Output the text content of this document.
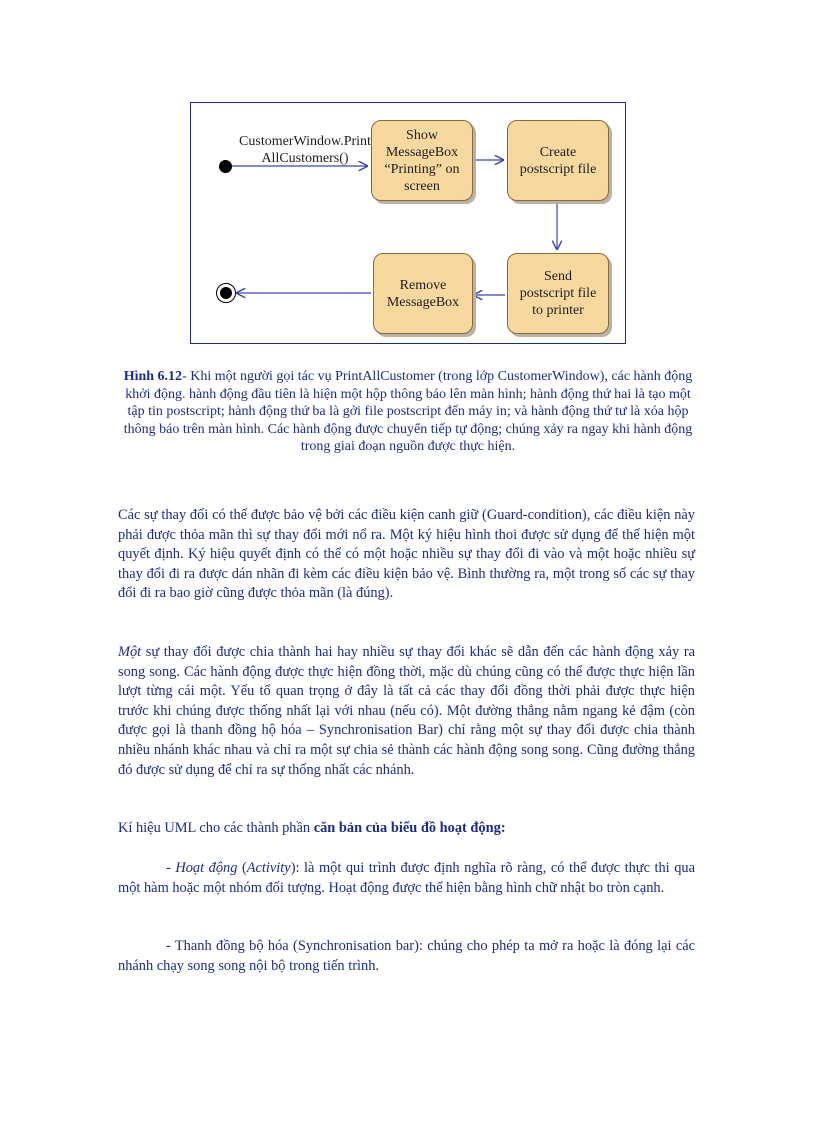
CustomerWindow.Print
AllCustomers()
Show
MessageBox
“Printing” on
screen
Create
postscript file
Send
postscript file
to printer
Remove
MessageBox
Hình 6.12- Khi một người gọi tác vụ PrintAllCustomer (trong lớp CustomerWindow), các hành động khởi động. hành động đầu tiên là hiện một hộp thông báo lên màn hình; hành động thứ hai là tạo một tập tin postscript; hành động thứ ba là gởi file postscript đến máy in; và hành động thứ tư là xóa hộp thông báo trên màn hình. Các hành động được chuyển tiếp tự động; chúng xảy ra ngay khi hành động trong giai đoạn nguồn được thực hiện.

Các sự thay đổi có thể được bảo vệ bởi các điều kiện canh giữ (Guard-condition), các điều kiện này phải được thỏa mãn thì sự thay đổi mới nổ ra. Một ký hiệu hình thoi được sử dụng để thể hiện một quyết định. Ký hiệu quyết định có thể có một hoặc nhiều sự thay đổi đi vào và một hoặc nhiều sự thay đổi đi ra được dán nhãn đi kèm các điều kiện bảo vệ. Bình thường ra, một trong số các sự thay đổi đi ra bao giờ cũng được thỏa mãn (là đúng).

Một sự thay đổi được chia thành hai hay nhiều sự thay đổi khác sẽ dẫn đến các hành động xảy ra song song. Các hành động được thực hiện đồng thời, mặc dù chúng cũng có thể được thực hiện lần lượt từng cái một. Yếu tố quan trọng ở đây là tất cả các thay đổi đồng thời phải được thực hiện trước khi chúng được thống nhất lại với nhau (nếu có). Một đường thẳng nằm ngang kẻ đậm (còn được gọi là thanh đồng hộ hóa – Synchronisation Bar) chỉ rằng một sự thay đổi được chia thành nhiều nhánh khác nhau và chỉ ra một sự chia sẻ thành các hành động song song. Cũng đường thẳng đó được sử dụng để chỉ ra sự thống nhất các nhánh.

Kí hiệu UML cho các thành phần căn bản của biểu đồ hoạt động:

- Hoạt động (Activity): là một qui trình được định nghĩa rõ ràng, có thể được thực thi qua một hàm hoặc một nhóm đối tượng. Hoạt động được thể hiện bằng hình chữ nhật bo tròn cạnh.

- Thanh đồng bộ hóa (Synchronisation bar): chúng cho phép ta mở ra hoặc là đóng lại các nhánh chạy song song nội bộ trong tiến trình.
